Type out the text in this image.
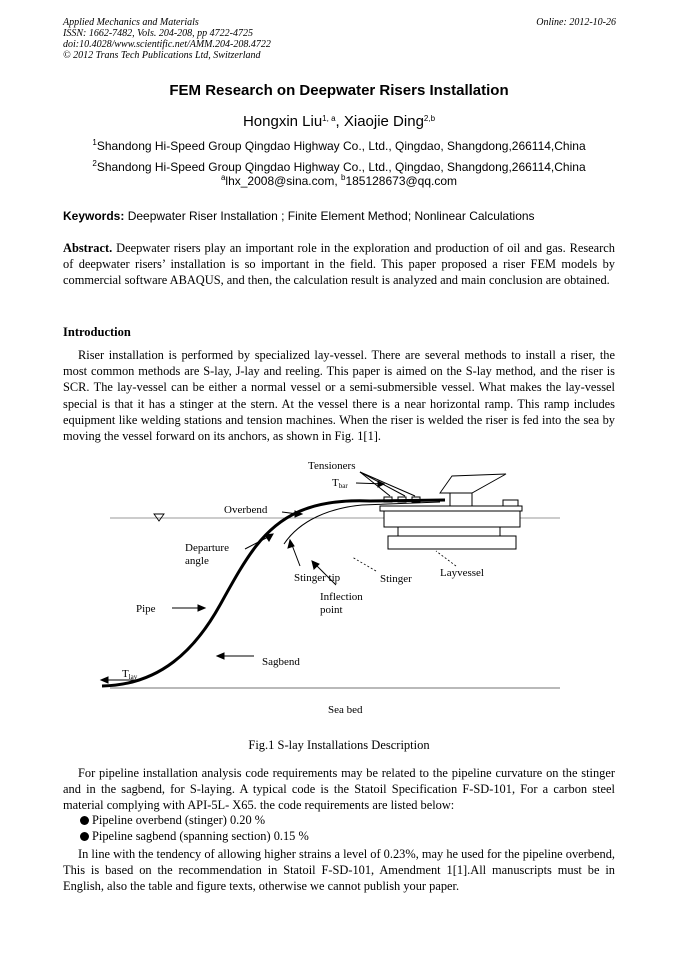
Applied Mechanics and Materials
ISSN: 1662-7482, Vols. 204-208, pp 4722-4725
doi:10.4028/www.scientific.net/AMM.204-208.4722
© 2012 Trans Tech Publications Ltd, Switzerland
Online: 2012-10-26
FEM Research on Deepwater Risers Installation
Hongxin Liu$^{1, a}$, Xiaojie Ding$^{2,b}$
$^1$Shandong Hi-Speed Group Qingdao Highway Co., Ltd., Qingdao, Shangdong,266114,China
$^2$Shandong Hi-Speed Group Qingdao Highway Co., Ltd., Qingdao, Shangdong,266114,China
$^a$lhx_2008@sina.com, $^b$185128673@qq.com
Keywords: Deepwater Riser Installation ; Finite Element Method; Nonlinear Calculations
Abstract. Deepwater risers play an important role in the exploration and production of oil and gas. Research of deepwater risers’ installation is so important in the field. This paper proposed a riser FEM models by commercial software ABAQUS, and then, the calculation result is analyzed and main conclusion are obtained.
Introduction
Riser installation is performed by specialized lay-vessel. There are several methods to install a riser, the most common methods are S-lay, J-lay and reeling. This paper is aimed on the S-lay method, and the riser is SCR. The lay-vessel can be either a normal vessel or a semi-submersible vessel. What makes the lay-vessel special is that it has a stinger at the stern. At the vessel there is a near horizontal ramp. This ramp includes equipment like welding stations and tension machines. When the riser is welded the riser is fed into the sea by moving the vessel forward on its anchors, as shown in Fig. 1[1].
Tensioners
Tbar
Overbend
Departure
angle
Stinger tip	Stinger	Layvessel
Inflection
point
Pipe
Sagbend
Tlay
Sea bed
Fig.1 S-lay Installations Description
For pipeline installation analysis code requirements may be related to the pipeline curvature on the stinger and in the sagbend, for S-laying. A typical code is the Statoil Specification F-SD-101, For a carbon steel material complying with API-5L- X65. the code requirements are listed below:
Pipeline overbend (stinger) 0.20 %
Pipeline sagbend (spanning section) 0.15 %
In line with the tendency of allowing higher strains a level of 0.23%, may he used for the pipeline overbend, This is based on the recommendation in Statoil F-SD-101, Amendment 1[1].All manuscripts must be in English, also the table and figure texts, otherwise we cannot publish your paper.
